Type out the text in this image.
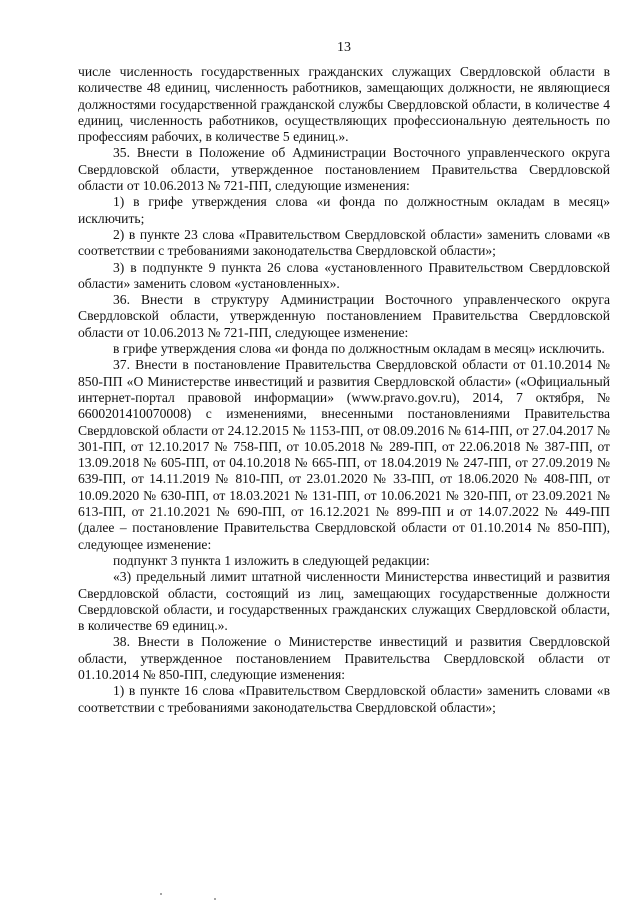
13

числе численность государственных гражданских служащих Свердловской области в количестве 48 единиц, численность работников, замещающих должности, не являющиеся должностями государственной гражданской службы Свердловской области, в количестве 4 единиц, численность работников, осуществляющих профессиональную деятельность по профессиям рабочих, в количестве 5 единиц.».

35. Внести в Положение об Администрации Восточного управленческого округа Свердловской области, утвержденное постановлением Правительства Свердловской области от 10.06.2013 № 721-ПП, следующие изменения:

1) в грифе утверждения слова «и фонда по должностным окладам в месяц» исключить;

2) в пункте 23 слова «Правительством Свердловской области» заменить словами «в соответствии с требованиями законодательства Свердловской области»;

3) в подпункте 9 пункта 26 слова «установленного Правительством Свердловской области» заменить словом «установленных».

36. Внести в структуру Администрации Восточного управленческого округа Свердловской области, утвержденную постановлением Правительства Свердловской области от 10.06.2013 № 721-ПП, следующее изменение:

в грифе утверждения слова «и фонда по должностным окладам в месяц» исключить.

37. Внести в постановление Правительства Свердловской области от 01.10.2014 № 850-ПП «О Министерстве инвестиций и развития Свердловской области» («Официальный интернет-портал правовой информации» (www.pravo.gov.ru), 2014, 7 октября, № 6600201410070008) с изменениями, внесенными постановлениями Правительства Свердловской области от 24.12.2015 № 1153-ПП, от 08.09.2016 № 614-ПП, от 27.04.2017 № 301-ПП, от 12.10.2017 № 758-ПП, от 10.05.2018 № 289-ПП, от 22.06.2018 № 387-ПП, от 13.09.2018 № 605-ПП, от 04.10.2018 № 665-ПП, от 18.04.2019 № 247-ПП, от 27.09.2019 № 639-ПП, от 14.11.2019 № 810-ПП, от 23.01.2020 № 33-ПП, от 18.06.2020 № 408-ПП, от 10.09.2020 № 630-ПП, от 18.03.2021 № 131-ПП, от 10.06.2021 № 320-ПП, от 23.09.2021 № 613-ПП, от 21.10.2021 № 690-ПП, от 16.12.2021 № 899-ПП и от 14.07.2022 № 449-ПП (далее – постановление Правительства Свердловской области от 01.10.2014 № 850-ПП), следующее изменение:

подпункт 3 пункта 1 изложить в следующей редакции:

«3) предельный лимит штатной численности Министерства инвестиций и развития Свердловской области, состоящий из лиц, замещающих государственные должности Свердловской области, и государственных гражданских служащих Свердловской области, в количестве 69 единиц.».

38. Внести в Положение о Министерстве инвестиций и развития Свердловской области, утвержденное постановлением Правительства Свердловской области от 01.10.2014 № 850-ПП, следующие изменения:

1) в пункте 16 слова «Правительством Свердловской области» заменить словами «в соответствии с требованиями законодательства Свердловской области»;
